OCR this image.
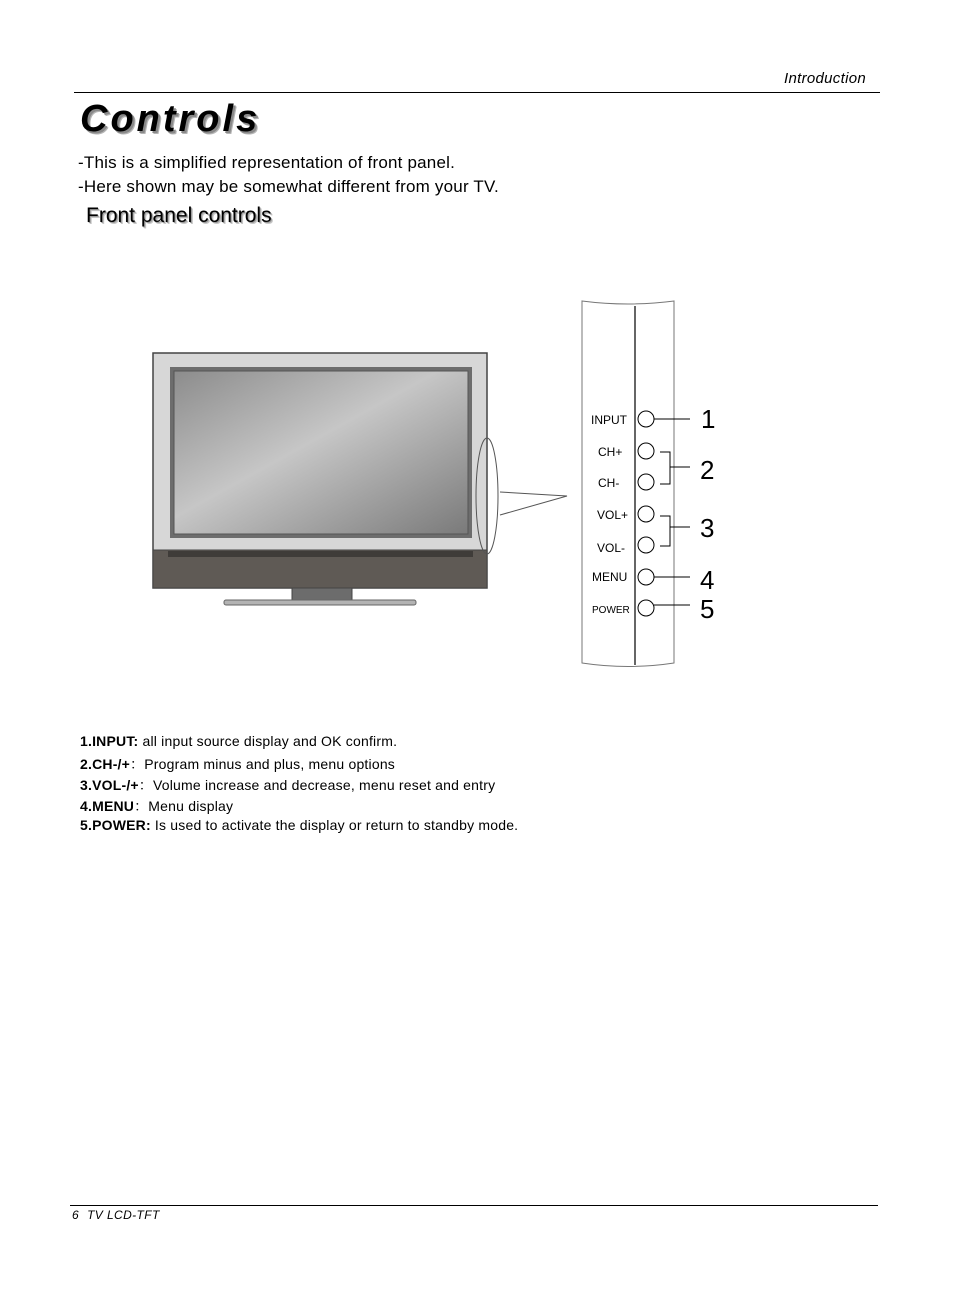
Introduction
Controls
-This is a simplified representation of front panel.
-Here shown may be somewhat different from your TV.
Front panel controls
INPUT
CH+
CH-
VOL+
VOL-
MENU
POWER
1
2
3
4
5
1.INPUT: all input source display and OK confirm.
2.CH-/+：Program minus and plus, menu options
3.VOL-/+：Volume increase and decrease, menu reset and entry
4.MENU：Menu display
5.POWER: Is used to activate the display or return to standby mode.
6 TV LCD-TFT
